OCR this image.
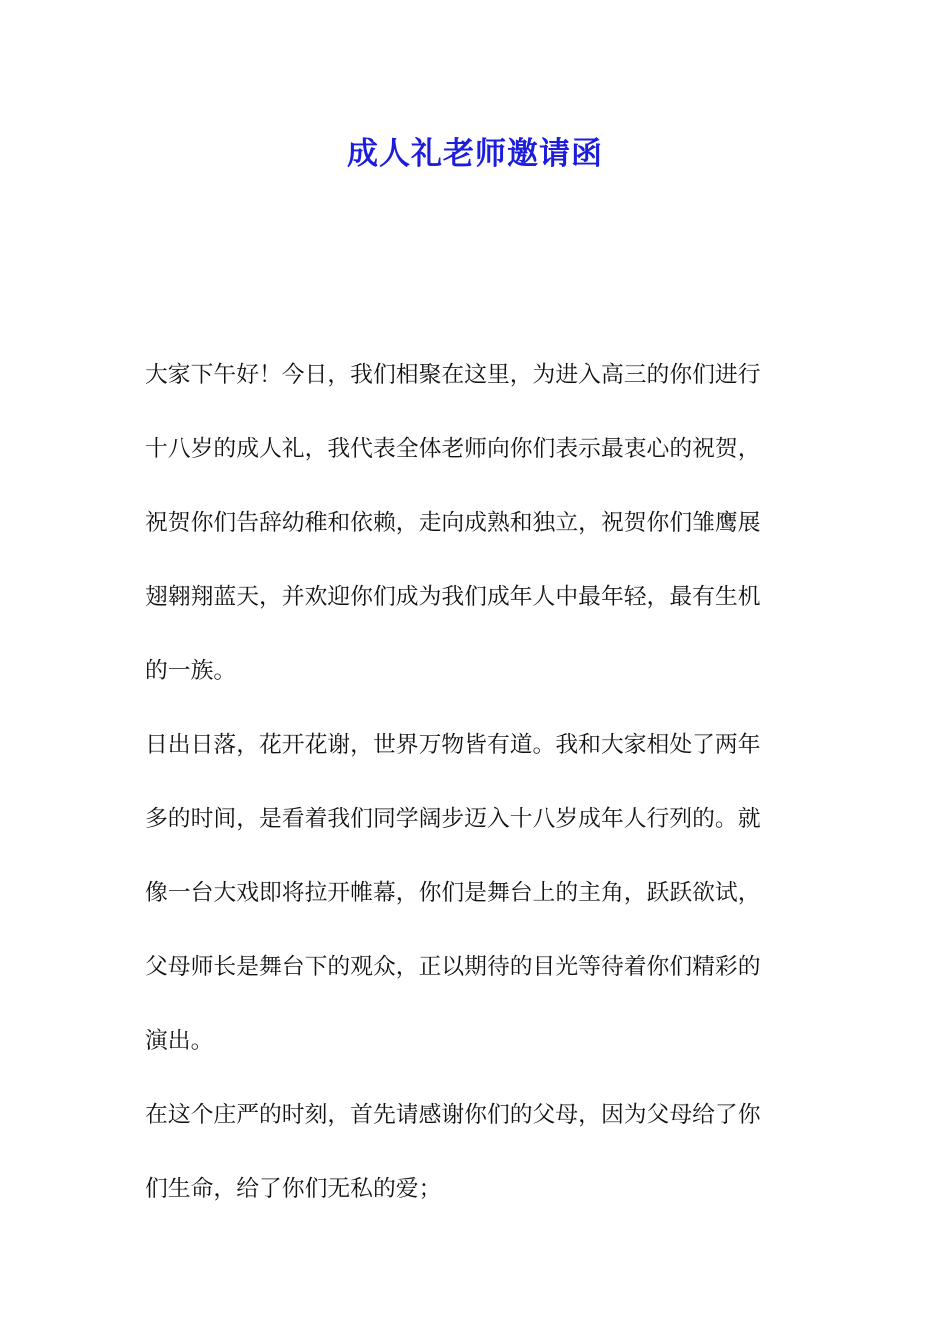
成人礼老师邀请函
大家下午好！今日，我们相聚在这里，为进入高三的你们进行
十八岁的成人礼，我代表全体老师向你们表示最衷心的祝贺，
祝贺你们告辞幼稚和依赖，走向成熟和独立，祝贺你们雏鹰展
翅翱翔蓝天，并欢迎你们成为我们成年人中最年轻，最有生机
的一族。
日出日落，花开花谢，世界万物皆有道。我和大家相处了两年
多的时间，是看着我们同学阔步迈入十八岁成年人行列的。就
像一台大戏即将拉开帷幕，你们是舞台上的主角，跃跃欲试，
父母师长是舞台下的观众，正以期待的目光等待着你们精彩的
演出。
在这个庄严的时刻，首先请感谢你们的父母，因为父母给了你
们生命，给了你们无私的爱；
